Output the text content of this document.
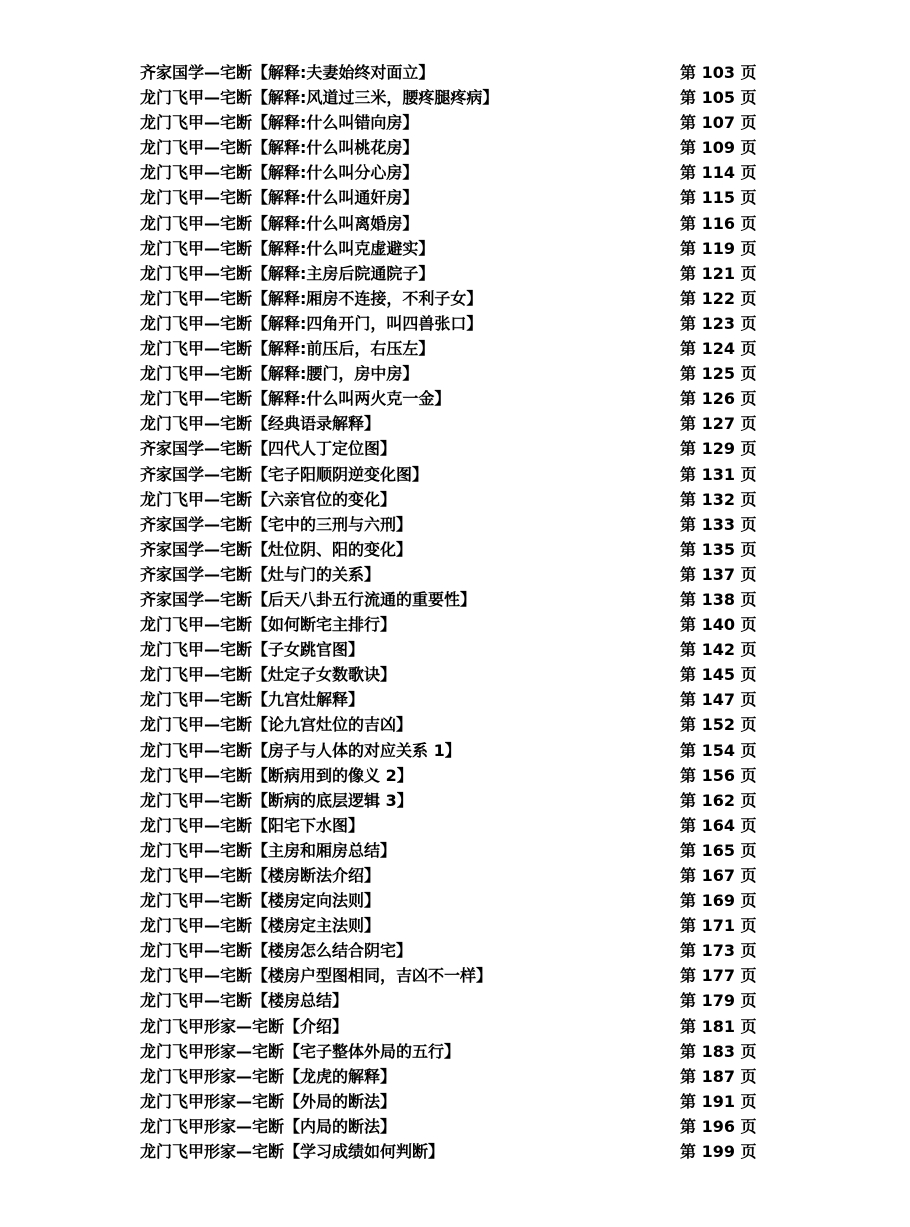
齐家国学—宅断【解释:夫妻始终对面立】	第 103 页
龙门飞甲—宅断【解释:风道过三米，腰疼腿疼病】	第 105 页
龙门飞甲—宅断【解释:什么叫错向房】	第 107 页
龙门飞甲—宅断【解释:什么叫桃花房】	第 109 页
龙门飞甲—宅断【解释:什么叫分心房】	第 114 页
龙门飞甲—宅断【解释:什么叫通奸房】	第 115 页
龙门飞甲—宅断【解释:什么叫离婚房】	第 116 页
龙门飞甲—宅断【解释:什么叫克虚避实】	第 119 页
龙门飞甲—宅断【解释:主房后院通院子】	第 121 页
龙门飞甲—宅断【解释:厢房不连接，不利子女】	第 122 页
龙门飞甲—宅断【解释:四角开门，叫四兽张口】	第 123 页
龙门飞甲—宅断【解释:前压后，右压左】	第 124 页
龙门飞甲—宅断【解释:腰门，房中房】	第 125 页
龙门飞甲—宅断【解释:什么叫两火克一金】	第 126 页
龙门飞甲—宅断【经典语录解释】	第 127 页
齐家国学—宅断【四代人丁定位图】	第 129 页
齐家国学—宅断【宅子阳顺阴逆变化图】	第 131 页
龙门飞甲—宅断【六亲官位的变化】	第 132 页
齐家国学—宅断【宅中的三刑与六刑】	第 133 页
齐家国学—宅断【灶位阴、阳的变化】	第 135 页
齐家国学—宅断【灶与门的关系】	第 137 页
齐家国学—宅断【后天八卦五行流通的重要性】	第 138 页
龙门飞甲—宅断【如何断宅主排行】	第 140 页
龙门飞甲—宅断【子女跳官图】	第 142 页
龙门飞甲—宅断【灶定子女数歌诀】	第 145 页
龙门飞甲—宅断【九宫灶解释】	第 147 页
龙门飞甲—宅断【论九宫灶位的吉凶】	第 152 页
龙门飞甲—宅断【房子与人体的对应关系 1】	第 154 页
龙门飞甲—宅断【断病用到的像义 2】	第 156 页
龙门飞甲—宅断【断病的底层逻辑 3】	第 162 页
龙门飞甲—宅断【阳宅下水图】	第 164 页
龙门飞甲—宅断【主房和厢房总结】	第 165 页
龙门飞甲—宅断【楼房断法介绍】	第 167 页
龙门飞甲—宅断【楼房定向法则】	第 169 页
龙门飞甲—宅断【楼房定主法则】	第 171 页
龙门飞甲—宅断【楼房怎么结合阴宅】	第 173 页
龙门飞甲—宅断【楼房户型图相同，吉凶不一样】	第 177 页
龙门飞甲—宅断【楼房总结】	第 179 页
龙门飞甲形家—宅断【介绍】	第 181 页
龙门飞甲形家—宅断【宅子整体外局的五行】	第 183 页
龙门飞甲形家—宅断【龙虎的解释】	第 187 页
龙门飞甲形家—宅断【外局的断法】	第 191 页
龙门飞甲形家—宅断【内局的断法】	第 196 页
龙门飞甲形家—宅断【学习成绩如何判断】	第 199 页
